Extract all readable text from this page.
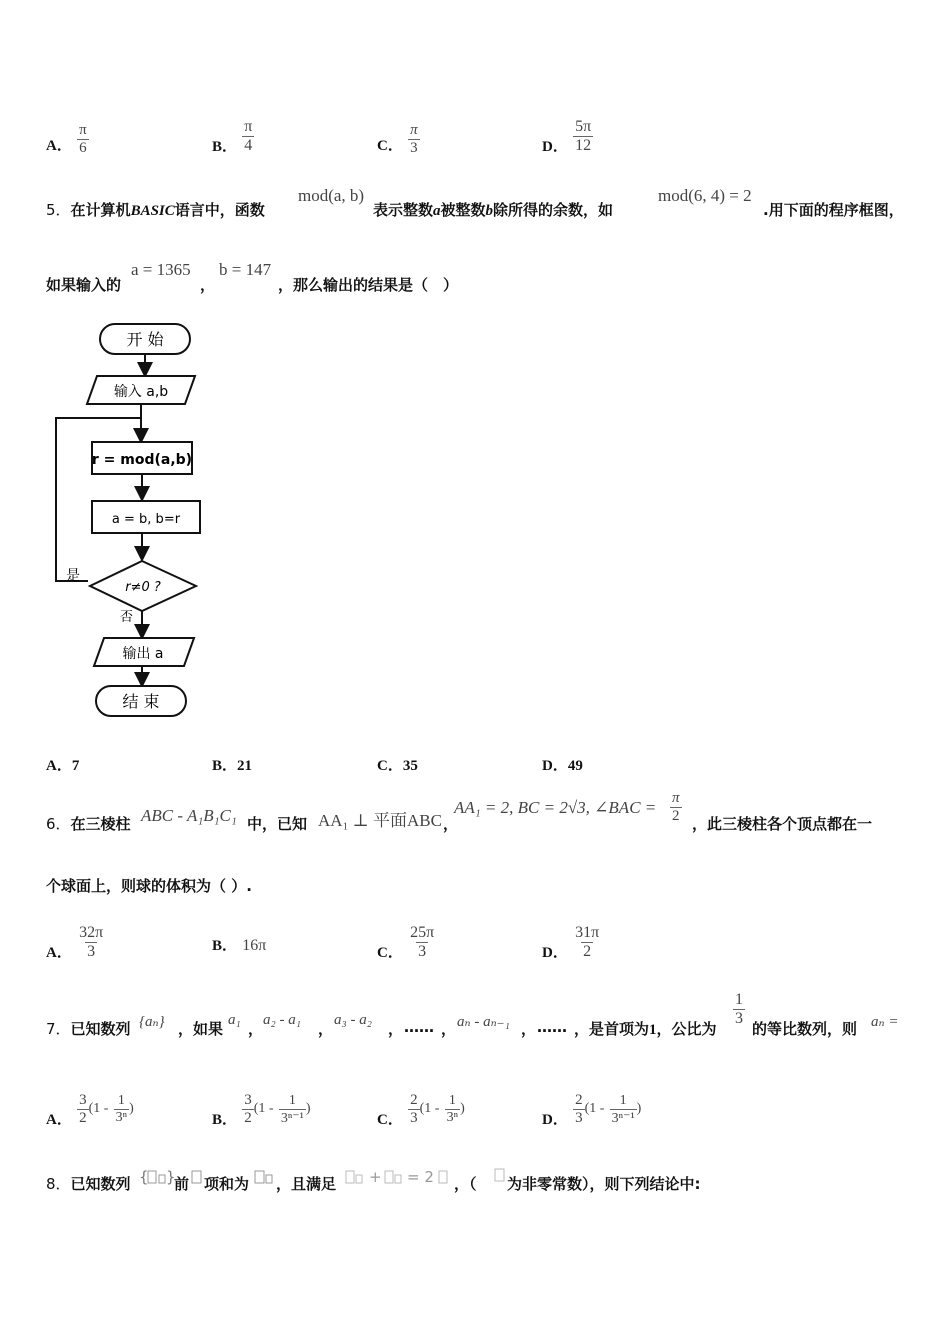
A． $\frac{\pi}{6}$	B． $\frac{\pi}{4}$	C． $\frac{\pi}{3}$	D． $\frac{5\pi}{12}$
5．在计算机BASIC语言中，函数
mod(a, b)
表示整数a被整数b除所得的余数，如
mod(6, 4) = 2
.用下面的程序框图，
如果输入的
a = 1365
，
b = 147
，那么输出的结果是（　）
开 始
输入 a,b
r = mod(a,b)
a = b, b=r
r≠0 ?
是
否
输出 a
结 束
A．7	B．21	C．35	D．49
6．在三棱柱 ABC - A₁B₁C₁ 中，已知 AA₁ ⊥ 平面ABC ，
AA₁ = 2, BC = 2√3, ∠BAC = $\frac{\pi}{2}$ ，此三棱柱各个顶点都在一
个球面上，则球的体积为（ ）.
A． $\frac{32\pi}{3}$	B． 16π	C． $\frac{25\pi}{3}$	D． $\frac{31\pi}{2}$
7．已知数列 {aₙ} ，如果 a₁ ， a₂ - a₁ ， a₃ - a₂ ， …… ， aₙ - aₙ₋₁ ， …… ，是首项为1，公比为
$\frac{1}{3}$
的等比数列，则 aₙ =
A． $\frac{3}{2} (1 - \frac{1}{\text{3ⁿ}}$ )
B． $\frac{3}{2} (1 - \frac{1}{\text{3ⁿ⁻¹}}$ )
C． $\frac{2}{3} (1 - \frac{1}{\text{3ⁿ}}$ )
D． $\frac{2}{3} (1 - \frac{1}{\text{3ⁿ⁻¹}}$ )
8．已知数列 { }
前 项和为 ，且满足 + = 2 ，（ 为非零常数），则下列结论中:
